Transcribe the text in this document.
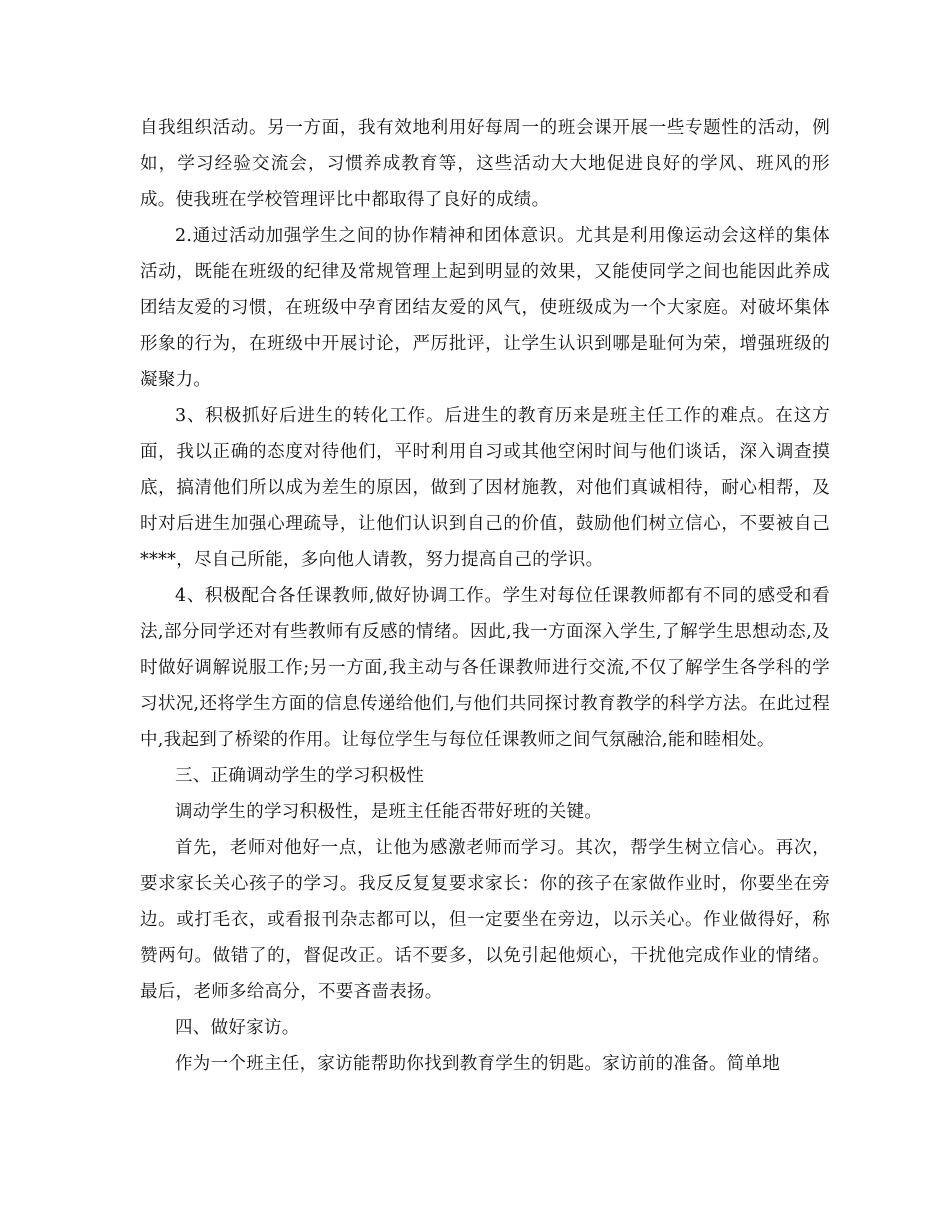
自我组织活动。另一方面，我有效地利用好每周一的班会课开展一些专题性的活动，例如，学习经验交流会，习惯养成教育等，这些活动大大地促进良好的学风、班风的形成。使我班在学校管理评比中都取得了良好的成绩。

2.通过活动加强学生之间的协作精神和团体意识。尤其是利用像运动会这样的集体活动，既能在班级的纪律及常规管理上起到明显的效果，又能使同学之间也能因此养成团结友爱的习惯，在班级中孕育团结友爱的风气，使班级成为一个大家庭。对破坏集体形象的行为，在班级中开展讨论，严厉批评，让学生认识到哪是耻何为荣，增强班级的凝聚力。

3、积极抓好后进生的转化工作。后进生的教育历来是班主任工作的难点。在这方面，我以正确的态度对待他们，平时利用自习或其他空闲时间与他们谈话，深入调查摸底，搞清他们所以成为差生的原因，做到了因材施教，对他们真诚相待，耐心相帮，及时对后进生加强心理疏导，让他们认识到自己的价值，鼓励他们树立信心，不要被自己****，尽自己所能，多向他人请教，努力提高自己的学识。

4、积极配合各任课教师,做好协调工作。学生对每位任课教师都有不同的感受和看法,部分同学还对有些教师有反感的情绪。因此,我一方面深入学生,了解学生思想动态,及时做好调解说服工作;另一方面,我主动与各任课教师进行交流,不仅了解学生各学科的学习状况,还将学生方面的信息传递给他们,与他们共同探讨教育教学的科学方法。在此过程中,我起到了桥梁的作用。让每位学生与每位任课教师之间气氛融洽,能和睦相处。

三、正确调动学生的学习积极性

调动学生的学习积极性，是班主任能否带好班的关键。

首先，老师对他好一点，让他为感激老师而学习。其次，帮学生树立信心。再次，要求家长关心孩子的学习。我反反复复要求家长：你的孩子在家做作业时，你要坐在旁边。或打毛衣，或看报刊杂志都可以，但一定要坐在旁边，以示关心。作业做得好，称赞两句。做错了的，督促改正。话不要多，以免引起他烦心，干扰他完成作业的情绪。最后，老师多给高分，不要吝啬表扬。

四、做好家访。

作为一个班主任，家访能帮助你找到教育学生的钥匙。家访前的准备。简单地
